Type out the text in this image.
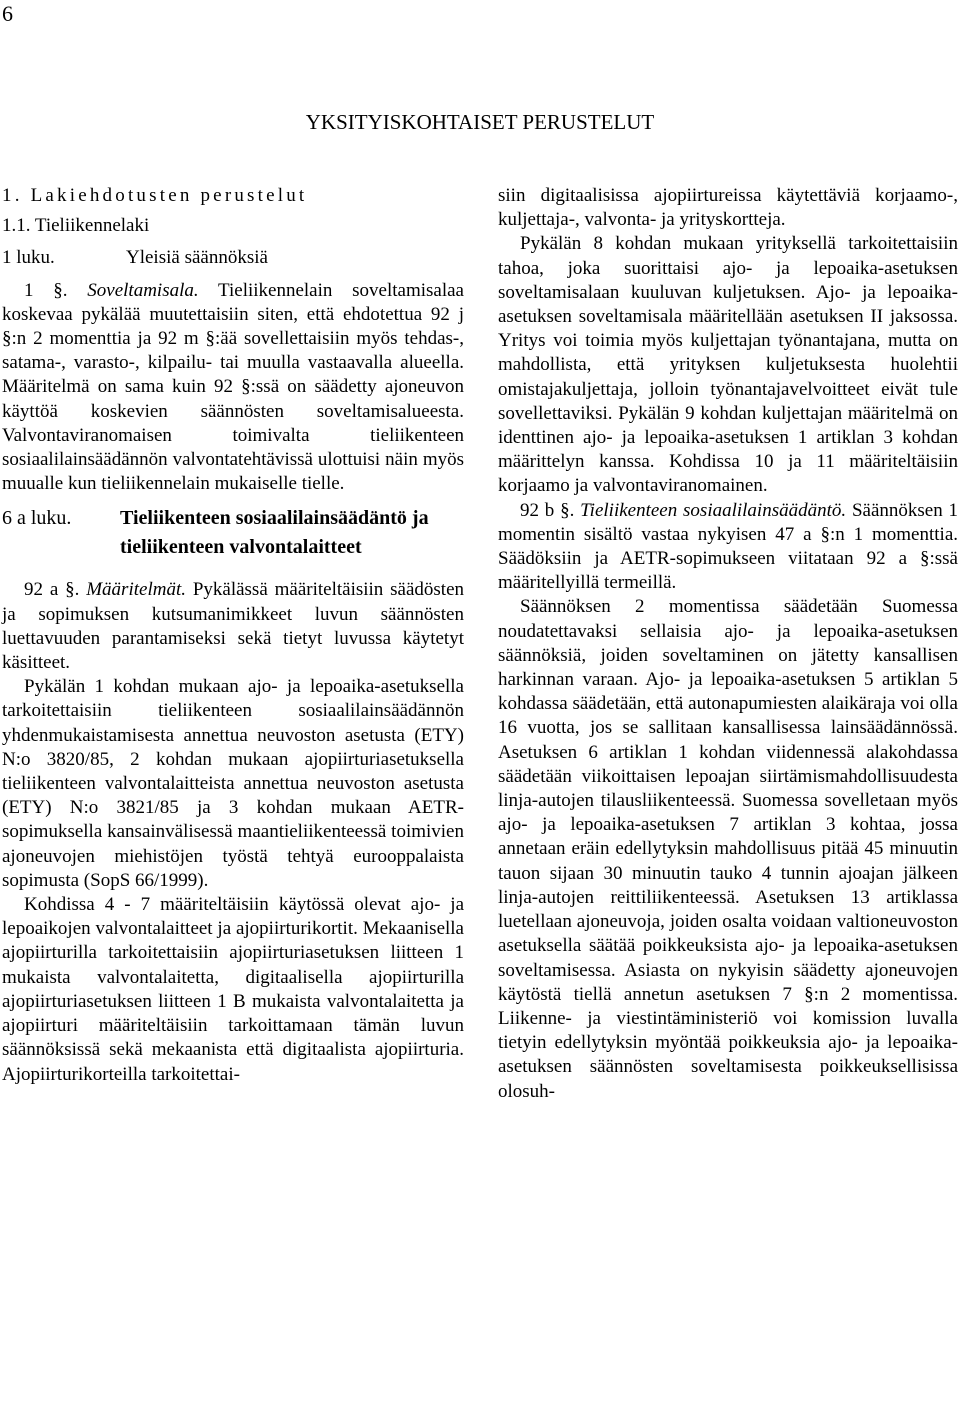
6
YKSITYISKOHTAISET PERUSTELUT

1. Lakiehdotusten perustelut

1.1. Tieliikennelaki

1 luku.	Yleisiä säännöksiä

1 §. Soveltamisala. Tieliikennelain soveltamisalaa koskevaa pykälää muutettaisiin siten, että ehdotettua 92 j §:n 2 momenttia ja 92 m §:ää sovellettaisiin myös tehdas-, satama-, varasto-, kilpailu- tai muulla vastaavalla alueella. Määritelmä on sama kuin 92 §:ssä on säädetty ajoneuvon käyttöä koskevien säännösten soveltamisalueesta. Valvontaviranomaisen toimivalta tieliikenteen sosiaalilainsäädännön valvontatehtävissä ulottuisi näin myös muualle kun tieliikennelain mukaiselle tielle.

6 a luku.	Tieliikenteen sosiaalilainsäädäntö ja tieliikenteen valvontalaitteet

92 a §. Määritelmät. Pykälässä määriteltäisiin säädösten ja sopimuksen kutsumanimikkeet luvun säännösten luettavuuden parantamiseksi sekä tietyt luvussa käytetyt käsitteet.

Pykälän 1 kohdan mukaan ajo- ja lepoaika-asetuksella tarkoitettaisiin tieliikenteen sosiaalilainsäädännön yhdenmukaistamisesta annettua neuvoston asetusta (ETY) N:o 3820/85, 2 kohdan mukaan ajopiirturiasetuksella tieliikenteen valvontalaitteista annettua neuvoston asetusta (ETY) N:o 3821/85 ja 3 kohdan mukaan AETR-sopimuksella kansainvälisessä maantieliikenteessä toimivien ajoneuvojen miehistöjen työstä tehtyä eurooppalaista sopimusta (SopS 66/1999).

Kohdissa 4 - 7 määriteltäisiin käytössä olevat ajo- ja lepoaikojen valvontalaitteet ja ajopiirturikortit. Mekaanisella ajopiirturilla tarkoitettaisiin ajopiirturiasetuksen liitteen 1 mukaista valvontalaitetta, digitaalisella ajopiirturilla ajopiirturiasetuksen liitteen 1 B mukaista valvontalaitetta ja ajopiirturi määriteltäisiin tarkoittamaan tämän luvun säännöksissä sekä mekaanista että digitaalista ajopiirturia. Ajopiirturikorteilla tarkoitettai-

siin digitaalisissa ajopiirtureissa käytettäviä korjaamo-, kuljettaja-, valvonta- ja yrityskortteja.

Pykälän 8 kohdan mukaan yrityksellä tarkoitettaisiin tahoa, joka suorittaisi ajo- ja lepoaika-asetuksen soveltamisalaan kuuluvan kuljetuksen. Ajo- ja lepoaika-asetuksen soveltamisala määritellään asetuksen II jaksossa. Yritys voi toimia myös kuljettajan työnantajana, mutta on mahdollista, että yrityksen kuljetuksesta huolehtii omistajakuljettaja, jolloin työnantajavelvoitteet eivät tule sovellettaviksi. Pykälän 9 kohdan kuljettajan määritelmä on identtinen ajo- ja lepoaika-asetuksen 1 artiklan 3 kohdan määrittelyn kanssa. Kohdissa 10 ja 11 määriteltäisiin korjaamo ja valvontaviranomainen.

92 b §. Tieliikenteen sosiaalilainsäädäntö. Säännöksen 1 momentin sisältö vastaa nykyisen 47 a §:n 1 momenttia. Säädöksiin ja AETR-sopimukseen viitataan 92 a §:ssä määritellyillä termeillä.

Säännöksen 2 momentissa säädetään Suomessa noudatettavaksi sellaisia ajo- ja lepoaika-asetuksen säännöksiä, joiden soveltaminen on jätetty kansallisen harkinnan varaan. Ajo- ja lepoaika-asetuksen 5 artiklan 5 kohdassa säädetään, että autonapumiesten alaikäraja voi olla 16 vuotta, jos se sallitaan kansallisessa lainsäädännössä. Asetuksen 6 artiklan 1 kohdan viidennessä alakohdassa säädetään viikoittaisen lepoajan siirtämismahdollisuudesta linja-autojen tilausliikenteessä. Suomessa sovelletaan myös ajo- ja lepoaika-asetuksen 7 artiklan 3 kohtaa, jossa annetaan eräin edellytyksin mahdollisuus pitää 45 minuutin tauon sijaan 30 minuutin tauko 4 tunnin ajoajan jälkeen linja-autojen reittiliikenteessä. Asetuksen 13 artiklassa luetellaan ajoneuvoja, joiden osalta voidaan valtioneuvoston asetuksella säätää poikkeuksista ajo- ja lepoaika-asetuksen soveltamisessa. Asiasta on nykyisin säädetty ajoneuvojen käytöstä tiellä annetun asetuksen 7 §:n 2 momentissa. Liikenne- ja viestintäministeriö voi komission luvalla tietyin edellytyksin myöntää poikkeuksia ajo- ja lepoaika-asetuksen säännösten soveltamisesta poikkeuksellisissa olosuh-
